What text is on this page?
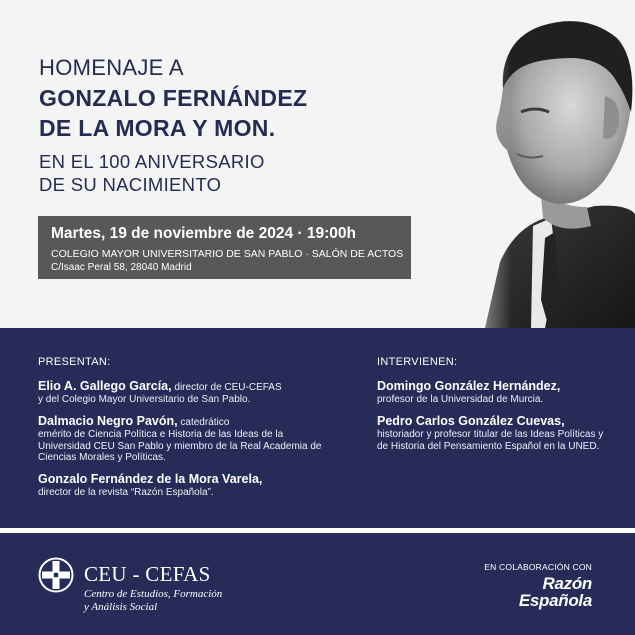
HOMENAJE A
GONZALO FERNÁNDEZ
DE LA MORA Y MON.
EN EL 100 ANIVERSARIO
DE SU NACIMIENTO
Martes, 19 de noviembre de 2024 · 19:00h
COLEGIO MAYOR UNIVERSITARIO DE SAN PABLO · SALÓN DE ACTOS
C/Isaac Peral 58, 28040 Madrid
PRESENTAN:
Elio A. Gallego García, director de CEU-CEFAS
y del Colegio Mayor Universitario de San Pablo.
Dalmacio Negro Pavón, catedrático
emérito de Ciencia Política e Historia de las Ideas de la Universidad CEU San Pablo y miembro de la Real Academia de Ciencias Morales y Políticas.
Gonzalo Fernández de la Mora Varela,
director de la revista “Razón Española”.
INTERVIENEN:
Domingo González Hernández,
profesor de la Universidad de Murcia.
Pedro Carlos González Cuevas,
historiador y profesor titular de las Ideas Políticas y de Historia del Pensamiento Español en la UNED.
CEU - CEFAS
Centro de Estudios, Formación
y Análisis Social
EN COLABORACIÓN CON
Razón
Española
